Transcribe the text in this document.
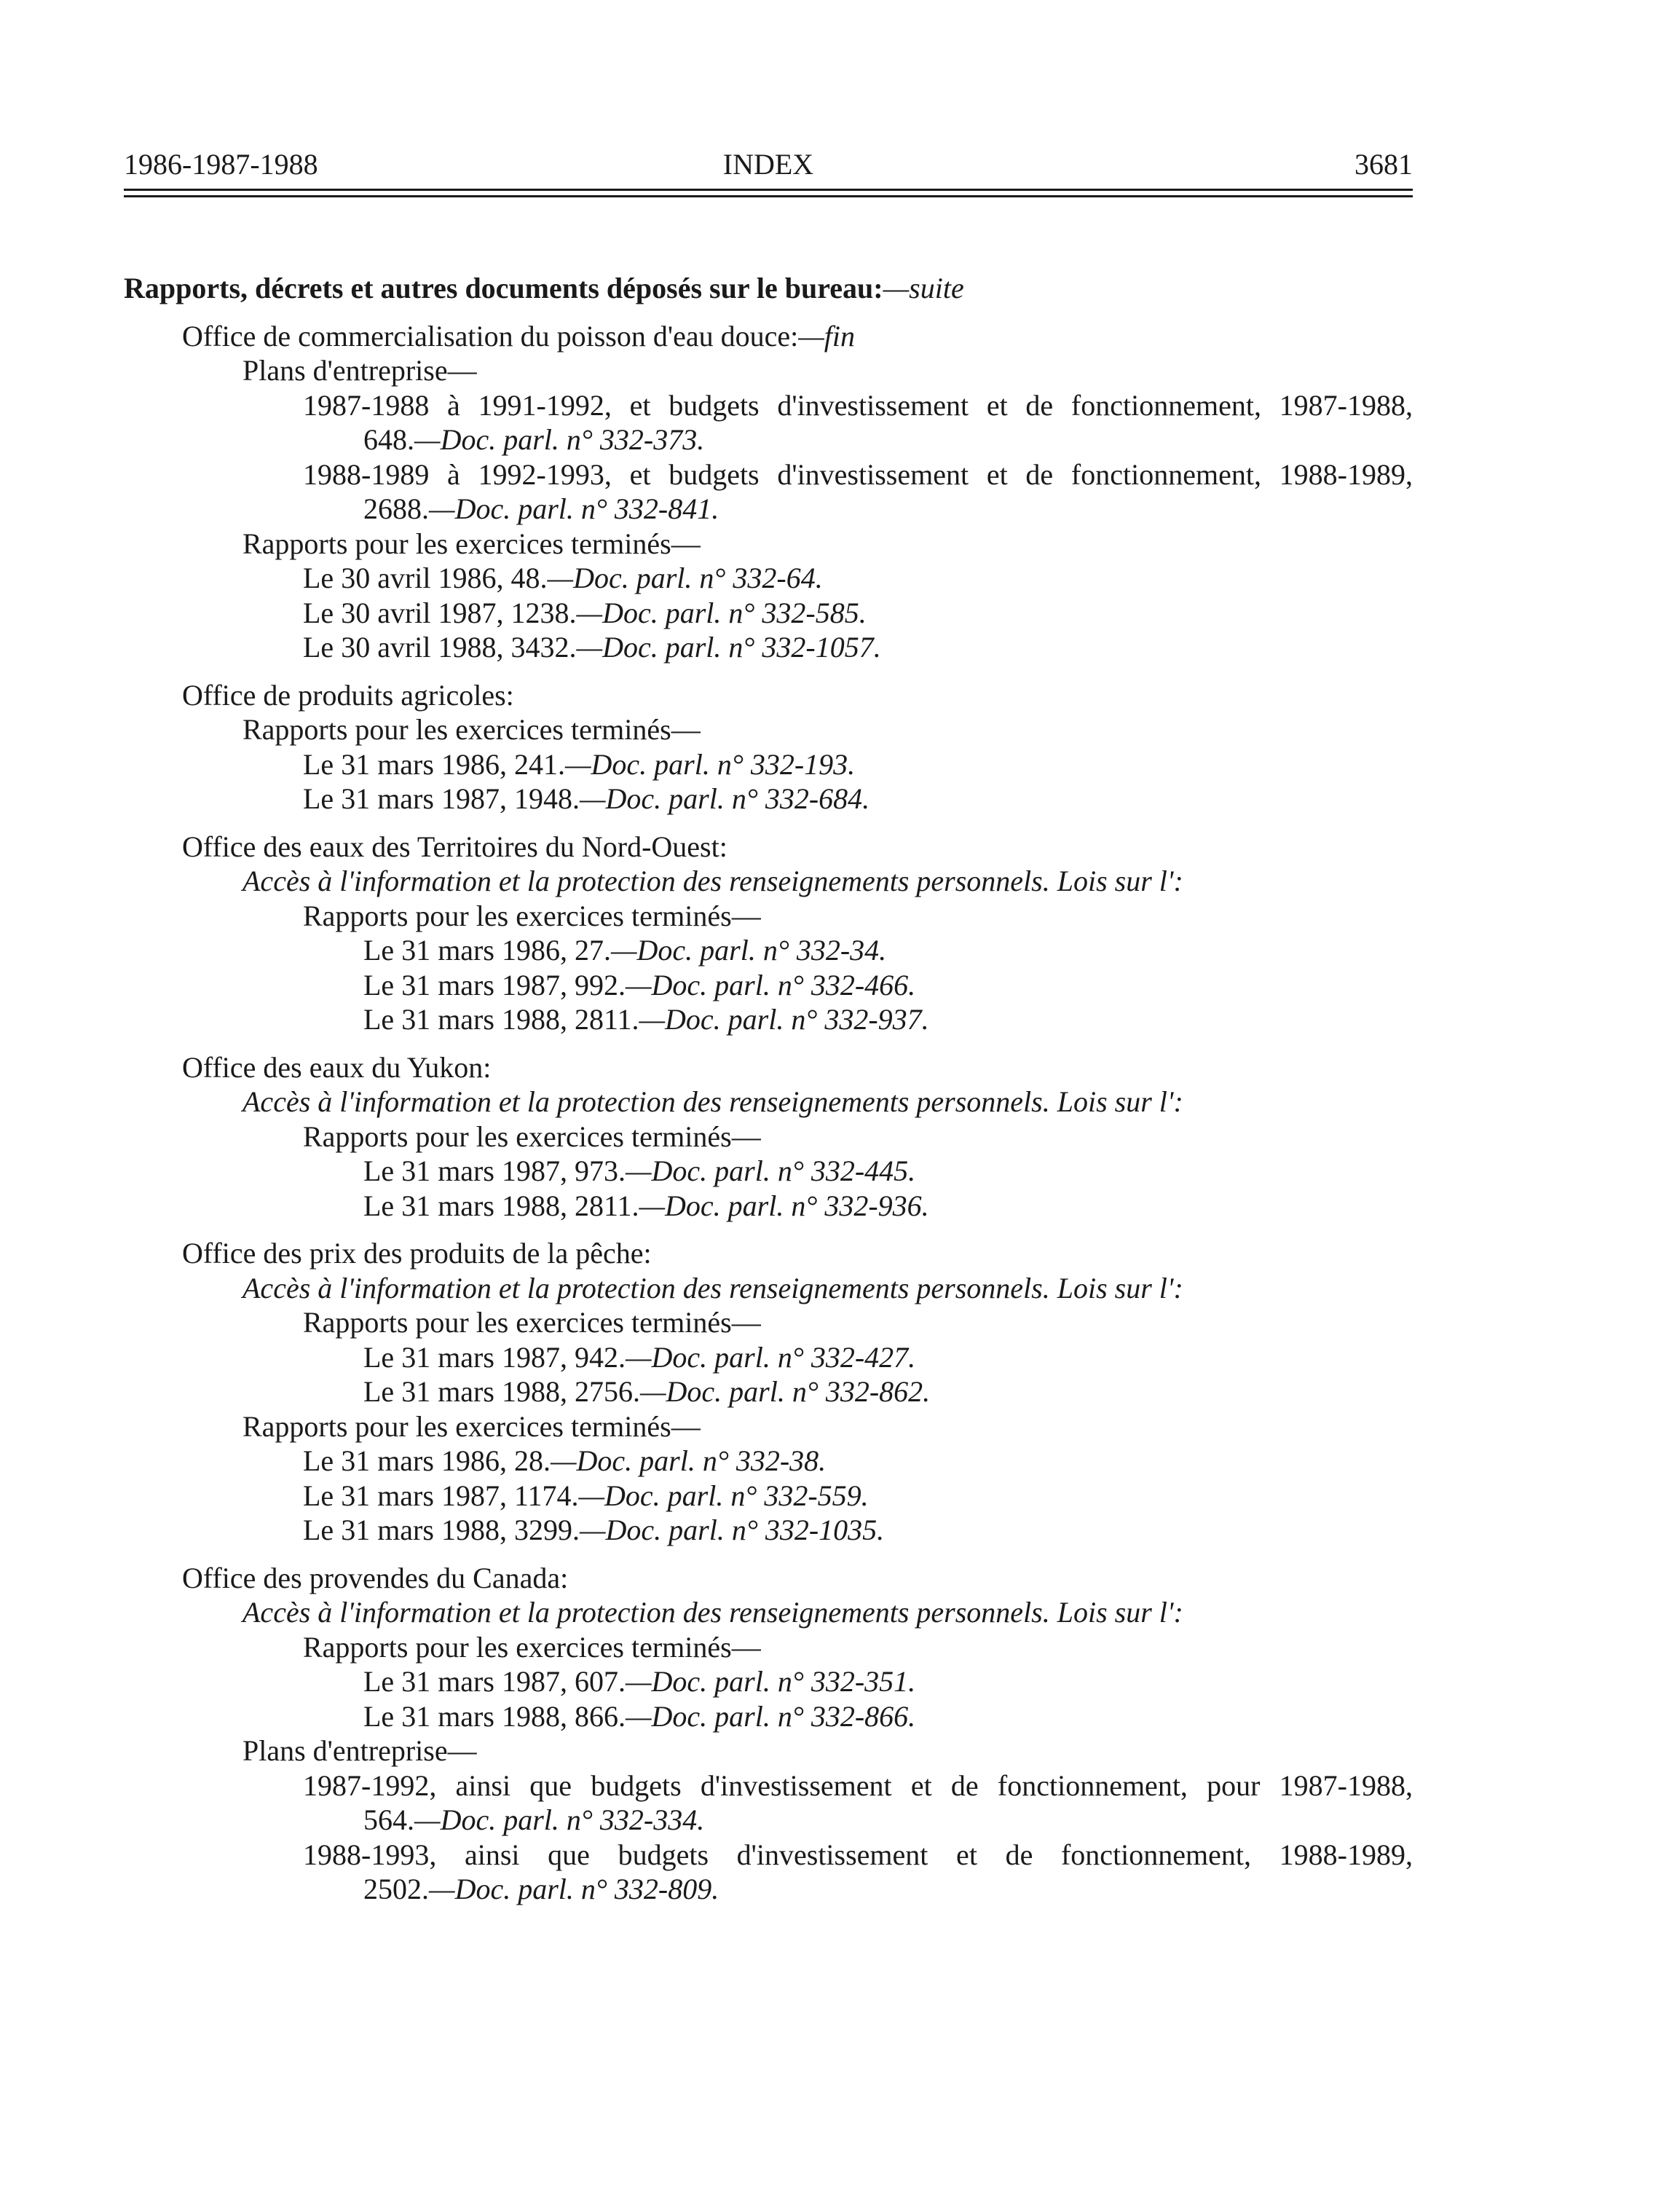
1986-1987-1988	INDEX	3681
Rapports, décrets et autres documents déposés sur le bureau:—suite
Office de commercialisation du poisson d'eau douce:—fin
Plans d'entreprise—
1987-1988 à 1991-1992, et budgets d'investissement et de fonctionnement, 1987-1988,
648.—Doc. parl. n° 332-373.
1988-1989 à 1992-1993, et budgets d'investissement et de fonctionnement, 1988-1989,
2688.—Doc. parl. n° 332-841.
Rapports pour les exercices terminés—
Le 30 avril 1986, 48.—Doc. parl. n° 332-64.
Le 30 avril 1987, 1238.—Doc. parl. n° 332-585.
Le 30 avril 1988, 3432.—Doc. parl. n° 332-1057.
Office de produits agricoles:
Rapports pour les exercices terminés—
Le 31 mars 1986, 241.—Doc. parl. n° 332-193.
Le 31 mars 1987, 1948.—Doc. parl. n° 332-684.
Office des eaux des Territoires du Nord-Ouest:
Accès à l'information et la protection des renseignements personnels. Lois sur l':
Rapports pour les exercices terminés—
Le 31 mars 1986, 27.—Doc. parl. n° 332-34.
Le 31 mars 1987, 992.—Doc. parl. n° 332-466.
Le 31 mars 1988, 2811.—Doc. parl. n° 332-937.
Office des eaux du Yukon:
Accès à l'information et la protection des renseignements personnels. Lois sur l':
Rapports pour les exercices terminés—
Le 31 mars 1987, 973.—Doc. parl. n° 332-445.
Le 31 mars 1988, 2811.—Doc. parl. n° 332-936.
Office des prix des produits de la pêche:
Accès à l'information et la protection des renseignements personnels. Lois sur l':
Rapports pour les exercices terminés—
Le 31 mars 1987, 942.—Doc. parl. n° 332-427.
Le 31 mars 1988, 2756.—Doc. parl. n° 332-862.
Rapports pour les exercices terminés—
Le 31 mars 1986, 28.—Doc. parl. n° 332-38.
Le 31 mars 1987, 1174.—Doc. parl. n° 332-559.
Le 31 mars 1988, 3299.—Doc. parl. n° 332-1035.
Office des provendes du Canada:
Accès à l'information et la protection des renseignements personnels. Lois sur l':
Rapports pour les exercices terminés—
Le 31 mars 1987, 607.—Doc. parl. n° 332-351.
Le 31 mars 1988, 866.—Doc. parl. n° 332-866.
Plans d'entreprise—
1987-1992, ainsi que budgets d'investissement et de fonctionnement, pour 1987-1988,
564.—Doc. parl. n° 332-334.
1988-1993, ainsi que budgets d'investissement et de fonctionnement, 1988-1989,
2502.—Doc. parl. n° 332-809.
